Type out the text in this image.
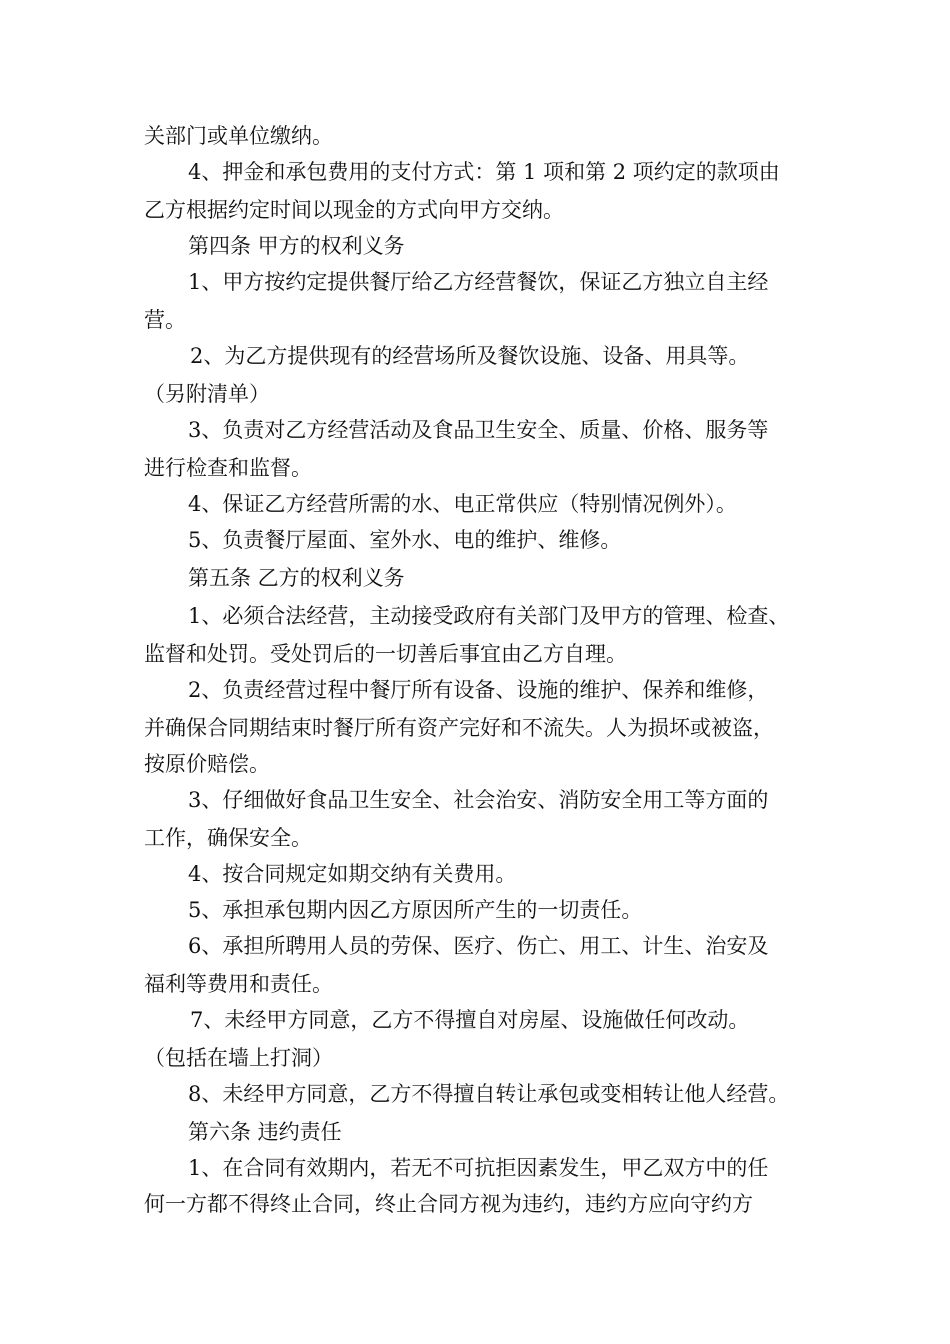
关部门或单位缴纳。
4、押金和承包费用的支付方式：第 1 项和第 2 项约定的款项由
乙方根据约定时间以现金的方式向甲方交纳。
第四条 甲方的权利义务
1、甲方按约定提供餐厅给乙方经营餐饮，保证乙方独立自主经
营。
2、为乙方提供现有的经营场所及餐饮设施、设备、用具等。
（另附清单）
3、负责对乙方经营活动及食品卫生安全、质量、价格、服务等
进行检查和监督。
4、保证乙方经营所需的水、电正常供应（特别情况例外）。
5、负责餐厅屋面、室外水、电的维护、维修。
第五条 乙方的权利义务
1、必须合法经营，主动接受政府有关部门及甲方的管理、检查、
监督和处罚。受处罚后的一切善后事宜由乙方自理。
2、负责经营过程中餐厅所有设备、设施的维护、保养和维修，
并确保合同期结束时餐厅所有资产完好和不流失。人为损坏或被盗，
按原价赔偿。
3、仔细做好食品卫生安全、社会治安、消防安全用工等方面的
工作，确保安全。
4、按合同规定如期交纳有关费用。
5、承担承包期内因乙方原因所产生的一切责任。
6、承担所聘用人员的劳保、医疗、伤亡、用工、计生、治安及
福利等费用和责任。
7、未经甲方同意，乙方不得擅自对房屋、设施做任何改动。
（包括在墙上打洞）
8、未经甲方同意，乙方不得擅自转让承包或变相转让他人经营。
第六条 违约责任
1、在合同有效期内，若无不可抗拒因素发生，甲乙双方中的任
何一方都不得终止合同，终止合同方视为违约，违约方应向守约方
